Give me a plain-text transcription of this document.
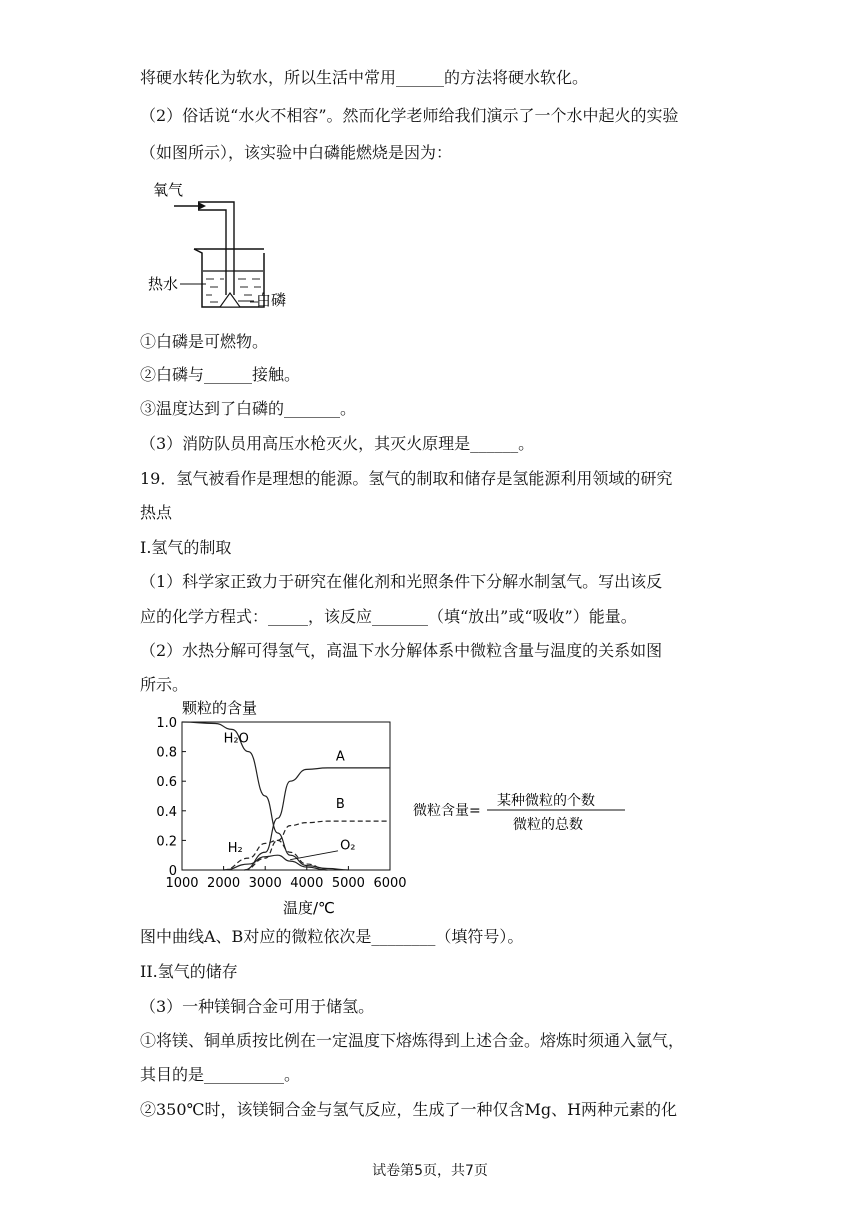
将硬水转化为软水，所以生活中常用______的方法将硬水软化。
（2）俗话说“水火不相容”。然而化学老师给我们演示了一个水中起火的实验
（如图所示），该实验中白磷能燃烧是因为：
氧气
热水
白磷
①白磷是可燃物。
②白磷与______接触。
③温度达到了白磷的_______。
（3）消防队员用高压水枪灭火，其灭火原理是______。
19．氢气被看作是理想的能源。氢气的制取和储存是氢能源利用领域的研究
热点
I.氢气的制取
（1）科学家正致力于研究在催化剂和光照条件下分解水制氢气。写出该反
应的化学方程式：_____，该反应_______（填“放出”或“吸收”）能量。
（2）水热分解可得氢气，高温下水分解体系中微粒含量与温度的关系如图
所示。
颗粒的含量
1000 2000 3000 4000 5000 6000
0
0.2
0.4
0.6
0.8
1.0
H₂O
A
B
H₂	O₂
温度/℃
微粒含量=
某种微粒的个数
微粒的总数
图中曲线A、B对应的微粒依次是________（填符号）。
II.氢气的储存
（3）一种镁铜合金可用于储氢。
①将镁、铜单质按比例在一定温度下熔炼得到上述合金。熔炼时须通入氩气，
其目的是__________。
②350℃时，该镁铜合金与氢气反应，生成了一种仅含Mg、H两种元素的化
试卷第5页，共7页
